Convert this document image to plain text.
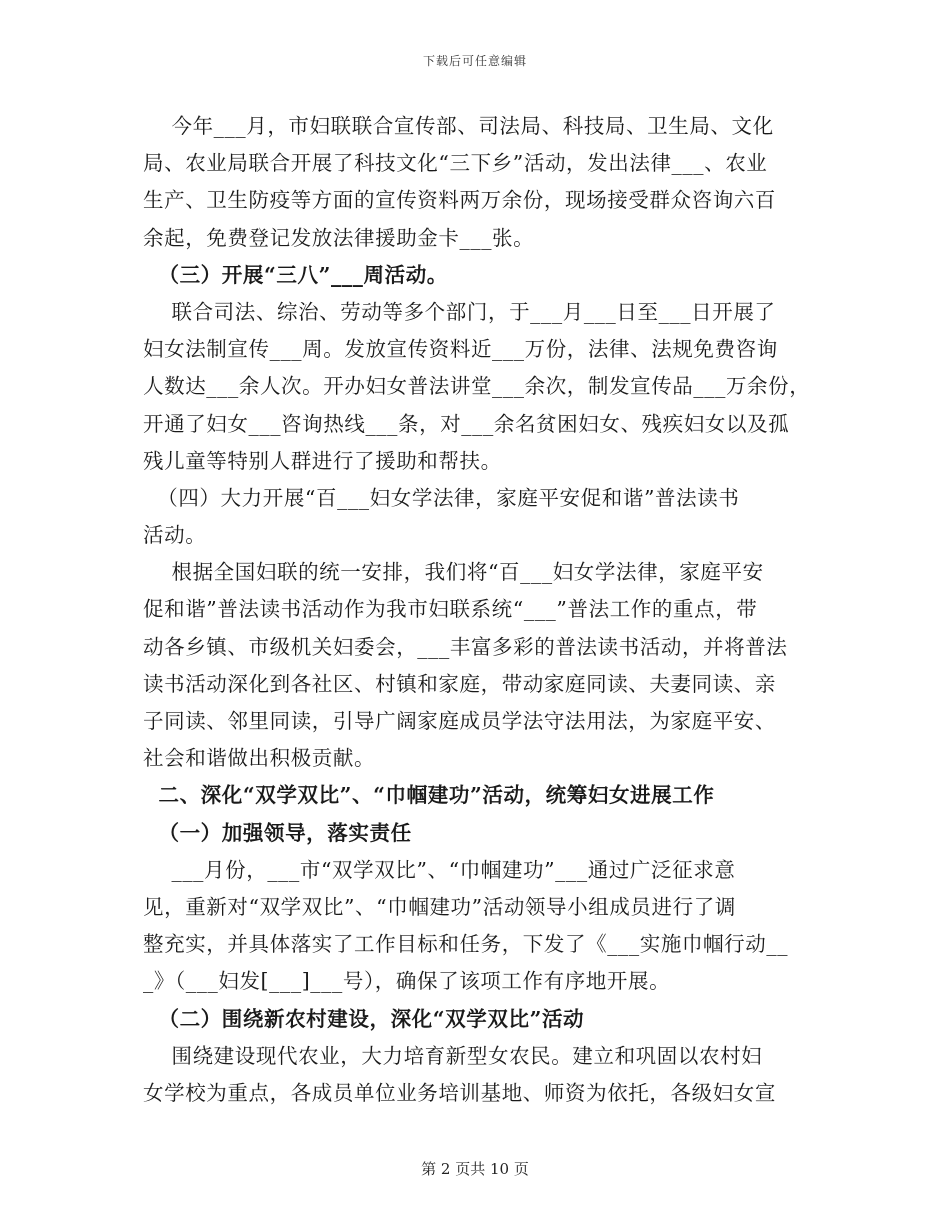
下载后可任意编辑
今年___月，市妇联联合宣传部、司法局、科技局、卫生局、文化
局、农业局联合开展了科技文化“三下乡”活动，发出法律___、农业
生产、卫生防疫等方面的宣传资料两万余份，现场接受群众咨询六百
余起，免费登记发放法律援助金卡___张。
（三）开展“三八”___周活动。
联合司法、综治、劳动等多个部门，于___月___日至___日开展了
妇女法制宣传___周。发放宣传资料近___万份，法律、法规免费咨询
人数达___余人次。开办妇女普法讲堂___余次，制发宣传品___万余份，
开通了妇女___咨询热线___条，对___余名贫困妇女、残疾妇女以及孤
残儿童等特别人群进行了援助和帮扶。
（四）大力开展“百___妇女学法律，家庭平安促和谐”普法读书
活动。
根据全国妇联的统一安排，我们将“百___妇女学法律，家庭平安
促和谐”普法读书活动作为我市妇联系统“___”普法工作的重点，带
动各乡镇、市级机关妇委会，___丰富多彩的普法读书活动，并将普法
读书活动深化到各社区、村镇和家庭，带动家庭同读、夫妻同读、亲
子同读、邻里同读，引导广阔家庭成员学法守法用法，为家庭平安、
社会和谐做出积极贡献。
二、深化“双学双比”、“巾帼建功”活动，统筹妇女进展工作
（一）加强领导，落实责任
___月份，___市“双学双比”、“巾帼建功”___通过广泛征求意
见，重新对“双学双比”、“巾帼建功”活动领导小组成员进行了调
整充实，并具体落实了工作目标和任务，下发了《___实施巾帼行动__
_》（___妇发[___]___号），确保了该项工作有序地开展。
（二）围绕新农村建设，深化“双学双比”活动
围绕建设现代农业，大力培育新型女农民。建立和巩固以农村妇
女学校为重点，各成员单位业务培训基地、师资为依托，各级妇女宣
第 2 页共 10 页
